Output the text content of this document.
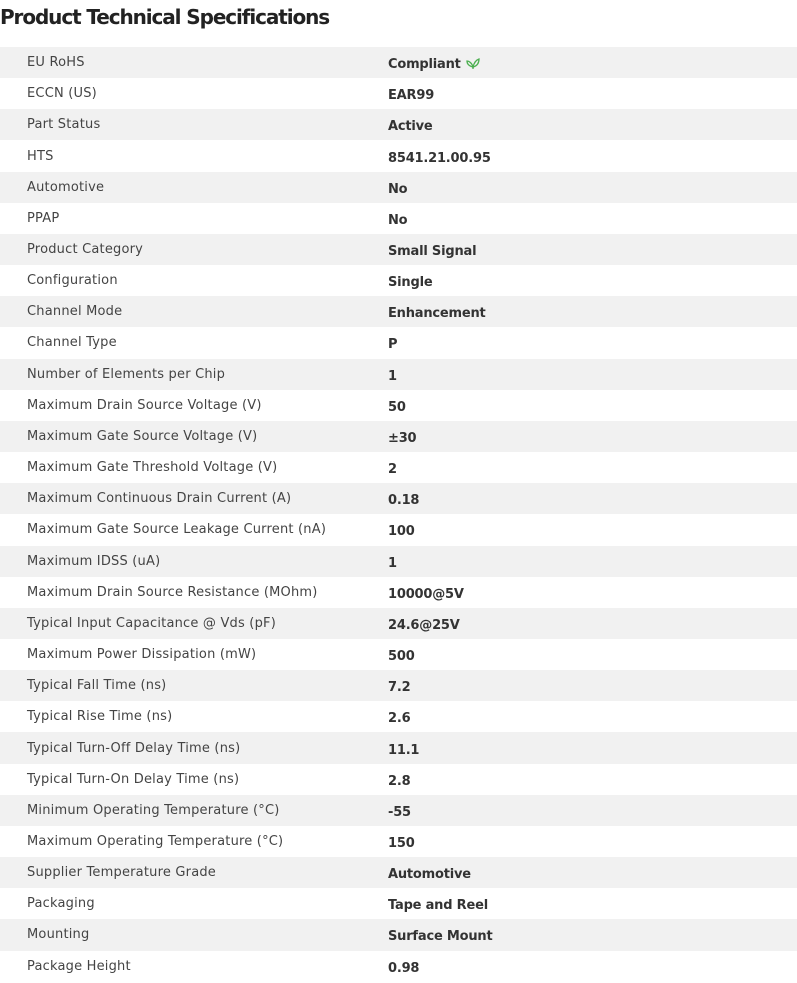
Product Technical Specifications
EU RoHS	Compliant
ECCN (US)	EAR99
Part Status	Active
HTS	8541.21.00.95
Automotive	No
PPAP	No
Product Category	Small Signal
Configuration	Single
Channel Mode	Enhancement
Channel Type	P
Number of Elements per Chip	1
Maximum Drain Source Voltage (V)	50
Maximum Gate Source Voltage (V)	±30
Maximum Gate Threshold Voltage (V)	2
Maximum Continuous Drain Current (A)	0.18
Maximum Gate Source Leakage Current (nA)	100
Maximum IDSS (uA)	1
Maximum Drain Source Resistance (MOhm)	10000@5V
Typical Input Capacitance @ Vds (pF)	24.6@25V
Maximum Power Dissipation (mW)	500
Typical Fall Time (ns)	7.2
Typical Rise Time (ns)	2.6
Typical Turn-Off Delay Time (ns)	11.1
Typical Turn-On Delay Time (ns)	2.8
Minimum Operating Temperature (°C)	-55
Maximum Operating Temperature (°C)	150
Supplier Temperature Grade	Automotive
Packaging	Tape and Reel
Mounting	Surface Mount
Package Height	0.98
